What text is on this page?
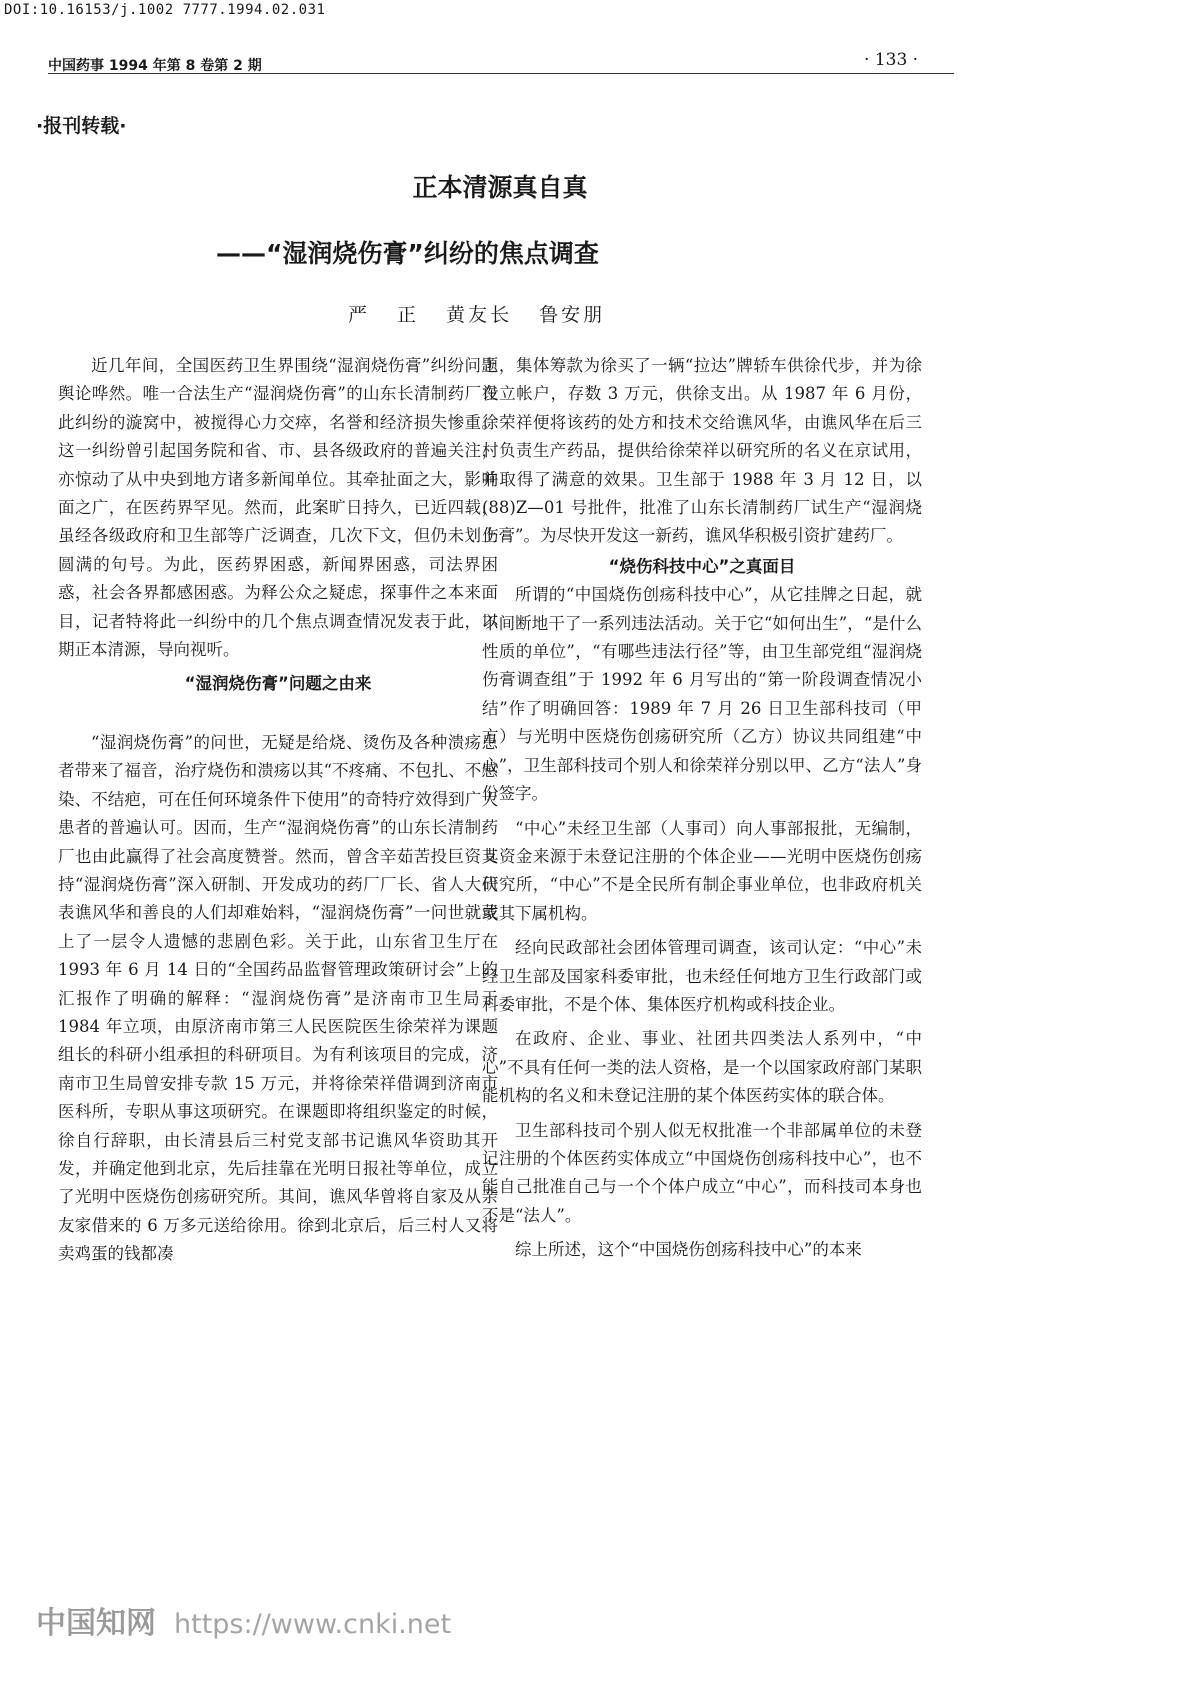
DOI:10.16153/j.1002 7777.1994.02.031
中国药事 1994 年第 8 卷第 2 期	· 133 ·
·报刊转载·
正本清源真自真
——“湿润烧伤膏”纠纷的焦点调查
严 正 黄友长 鲁安朋

近几年间，全国医药卫生界围绕“湿润烧伤膏”纠纷问题舆论哗然。唯一合法生产“湿润烧伤膏”的山东长清制药厂在此纠纷的漩窝中，被搅得心力交瘁，名誉和经济损失惨重。这一纠纷曾引起国务院和省、市、县各级政府的普遍关注，亦惊动了从中央到地方诸多新闻单位。其牵扯面之大，影响面之广，在医药界罕见。然而，此案旷日持久，已近四载，虽经各级政府和卫生部等广泛调查，几次下文，但仍未划上圆满的句号。为此，医药界困惑，新闻界困惑，司法界困惑，社会各界都感困惑。为释公众之疑虑，探事件之本来面目，记者特将此一纠纷中的几个焦点调查情况发表于此，以期正本清源，导向视听。

“湿润烧伤膏”问题之由来

“湿润烧伤膏”的问世，无疑是给烧、烫伤及各种溃疡患者带来了福音，治疗烧伤和溃疡以其“不疼痛、不包扎、不感染、不结疤，可在任何环境条件下使用”的奇特疗效得到广大患者的普遍认可。因而，生产“湿润烧伤膏”的山东长清制药厂也由此赢得了社会高度赞誉。然而，曾含辛茹苦投巨资支持“湿润烧伤膏”深入研制、开发成功的药厂厂长、省人大代表谯风华和善良的人们却难始料，“湿润烧伤膏”一问世就蒙上了一层令人遗憾的悲剧色彩。关于此，山东省卫生厅在 1993 年 6 月 14 日的“全国药品监督管理政策研讨会”上的汇报作了明确的解释：“湿润烧伤膏”是济南市卫生局于 1984 年立项，由原济南市第三人民医院医生徐荣祥为课题组长的科研小组承担的科研项目。为有利该项目的完成，济南市卫生局曾安排专款 15 万元，并将徐荣祥借调到济南市医科所，专职从事这项研究。在课题即将组织鉴定的时候，徐自行辞职，由长清县后三村党支部书记谯风华资助其开发，并确定他到北京，先后挂靠在光明日报社等单位，成立了光明中医烧伤创疡研究所。其间，谯风华曾将自家及从亲友家借来的 6 万多元送给徐用。徐到北京后，后三村人又将卖鸡蛋的钱都凑

上，集体筹款为徐买了一辆“拉达”牌轿车供徐代步，并为徐设立帐户，存数 3 万元，供徐支出。从 1987 年 6 月份，徐荣祥便将该药的处方和技术交给谯风华，由谯风华在后三村负责生产药品，提供给徐荣祥以研究所的名义在京试用，并取得了满意的效果。卫生部于 1988 年 3 月 12 日，以(88)Z—01 号批件，批准了山东长清制药厂试生产“湿润烧伤膏”。为尽快开发这一新药，谯风华积极引资扩建药厂。

“烧伤科技中心”之真面目

所谓的“中国烧伤创疡科技中心”，从它挂牌之日起，就不间断地干了一系列违法活动。关于它“如何出生”，“是什么性质的单位”，“有哪些违法行径”等，由卫生部党组“湿润烧伤膏调查组”于 1992 年 6 月写出的“第一阶段调查情况小结”作了明确回答：1989 年 7 月 26 日卫生部科技司（甲方）与光明中医烧伤创疡研究所（乙方）协议共同组建“中心”，卫生部科技司个别人和徐荣祥分别以甲、乙方“法人”身份签字。

“中心”未经卫生部（人事司）向人事部报批，无编制，其资金来源于未登记注册的个体企业——光明中医烧伤创疡研究所，“中心”不是全民所有制企事业单位，也非政府机关或其下属机构。

经向民政部社会团体管理司调查，该司认定：“中心”未经卫生部及国家科委审批，也未经任何地方卫生行政部门或科委审批，不是个体、集体医疗机构或科技企业。

在政府、企业、事业、社团共四类法人系列中，“中心”不具有任何一类的法人资格，是一个以国家政府部门某职能机构的名义和未登记注册的某个体医药实体的联合体。

卫生部科技司个别人似无权批准一个非部属单位的未登记注册的个体医药实体成立“中国烧伤创疡科技中心”，也不能自己批准自己与一个个体户成立“中心”，而科技司本身也不是“法人”。

综上所述，这个“中国烧伤创疡科技中心”的本来

中国知网 https://www.cnki.net
